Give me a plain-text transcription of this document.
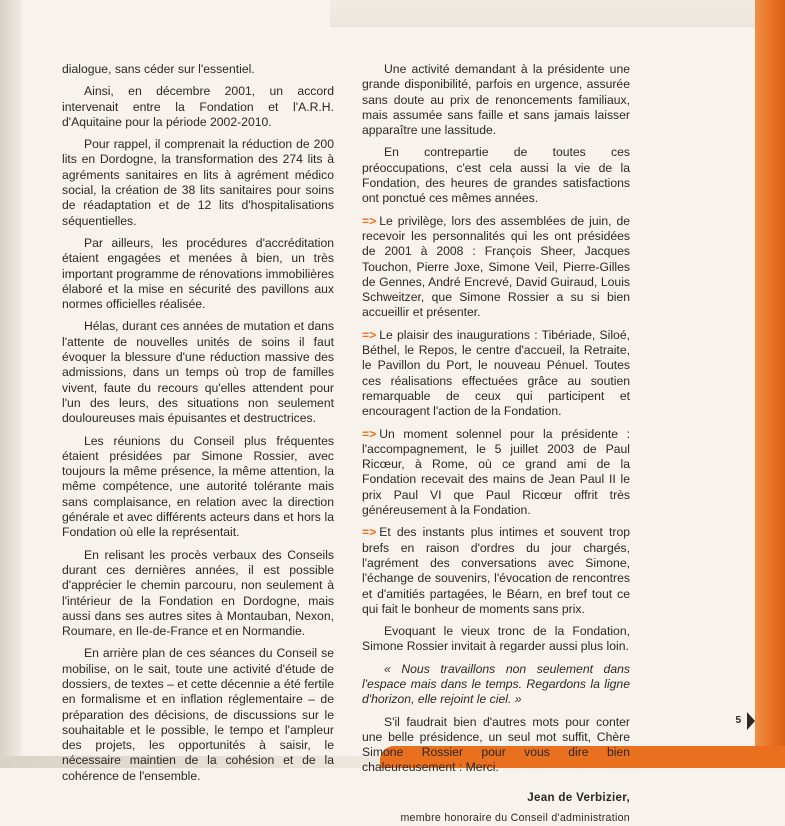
dialogue, sans céder sur l'essentiel.

Ainsi, en décembre 2001, un accord intervenait entre la Fondation et l'A.R.H. d'Aquitaine pour la période 2002-2010.

Pour rappel, il comprenait la réduction de 200 lits en Dordogne, la transformation des 274 lits à agréments sanitaires en lits à agrément médico social, la création de 38 lits sanitaires pour soins de réadaptation et de 12 lits d'hospitalisations séquentielles.

Par ailleurs, les procédures d'accréditation étaient engagées et menées à bien, un très important programme de rénovations immobilières élaboré et la mise en sécurité des pavillons aux normes officielles réalisée.

Hélas, durant ces années de mutation et dans l'attente de nouvelles unités de soins il faut évoquer la blessure d'une réduction massive des admissions, dans un temps où trop de familles vivent, faute du recours qu'elles attendent pour l'un des leurs, des situations non seulement douloureuses mais épuisantes et destructrices.

Les réunions du Conseil plus fréquentes étaient présidées par Simone Rossier, avec toujours la même présence, la même attention, la même compétence, une autorité tolérante mais sans complaisance, en relation avec la direction générale et avec différents acteurs dans et hors la Fondation où elle la représentait.

En relisant les procès verbaux des Conseils durant ces dernières années, il est possible d'apprécier le chemin parcouru, non seulement à l'intérieur de la Fondation en Dordogne, mais aussi dans ses autres sites à Montauban, Nexon, Roumare, en Ile-de-France et en Normandie.

En arrière plan de ces séances du Conseil se mobilise, on le sait, toute une activité d'étude de dossiers, de textes – et cette décennie a été fertile en formalisme et en inflation réglementaire – de préparation des décisions, de discussions sur le souhaitable et le possible, le tempo et l'ampleur des projets, les opportunités à saisir, le nécessaire maintien de la cohésion et de la cohérence de l'ensemble.

Une activité demandant à la présidente une grande disponibilité, parfois en urgence, assurée sans doute au prix de renoncements familiaux, mais assumée sans faille et sans jamais laisser apparaître une lassitude.

En contrepartie de toutes ces préoccupations, c'est cela aussi la vie de la Fondation, des heures de grandes satisfactions ont ponctué ces mêmes années.

=> Le privilège, lors des assemblées de juin, de recevoir les personnalités qui les ont présidées de 2001 à 2008 : François Sheer, Jacques Touchon, Pierre Joxe, Simone Veil, Pierre-Gilles de Gennes, André Encrevé, David Guiraud, Louis Schweitzer, que Simone Rossier a su si bien accueillir et présenter.

=> Le plaisir des inaugurations : Tibériade, Siloé, Béthel, le Repos, le centre d'accueil, la Retraite, le Pavillon du Port, le nouveau Pénuel. Toutes ces réalisations effectuées grâce au soutien remarquable de ceux qui participent et encouragent l'action de la Fondation.

=> Un moment solennel pour la présidente : l'accompagnement, le 5 juillet 2003 de Paul Ricœur, à Rome, où ce grand ami de la Fondation recevait des mains de Jean Paul II le prix Paul VI que Paul Ricœur offrit très généreusement à la Fondation.

=> Et des instants plus intimes et souvent trop brefs en raison d'ordres du jour chargés, l'agrément des conversations avec Simone, l'échange de souvenirs, l'évocation de rencontres et d'amitiés partagées, le Béarn, en bref tout ce qui fait le bonheur de moments sans prix.

Evoquant le vieux tronc de la Fondation, Simone Rossier invitait à regarder aussi plus loin.

« Nous travaillons non seulement dans l'espace mais dans le temps. Regardons la ligne d'horizon, elle rejoint le ciel. »

S'il faudrait bien d'autres mots pour conter une belle présidence, un seul mot suffit, Chère Simone Rossier pour vous dire bien chaleureusement : Merci.

Jean de Verbizier,
membre honoraire du Conseil d'administration
5
